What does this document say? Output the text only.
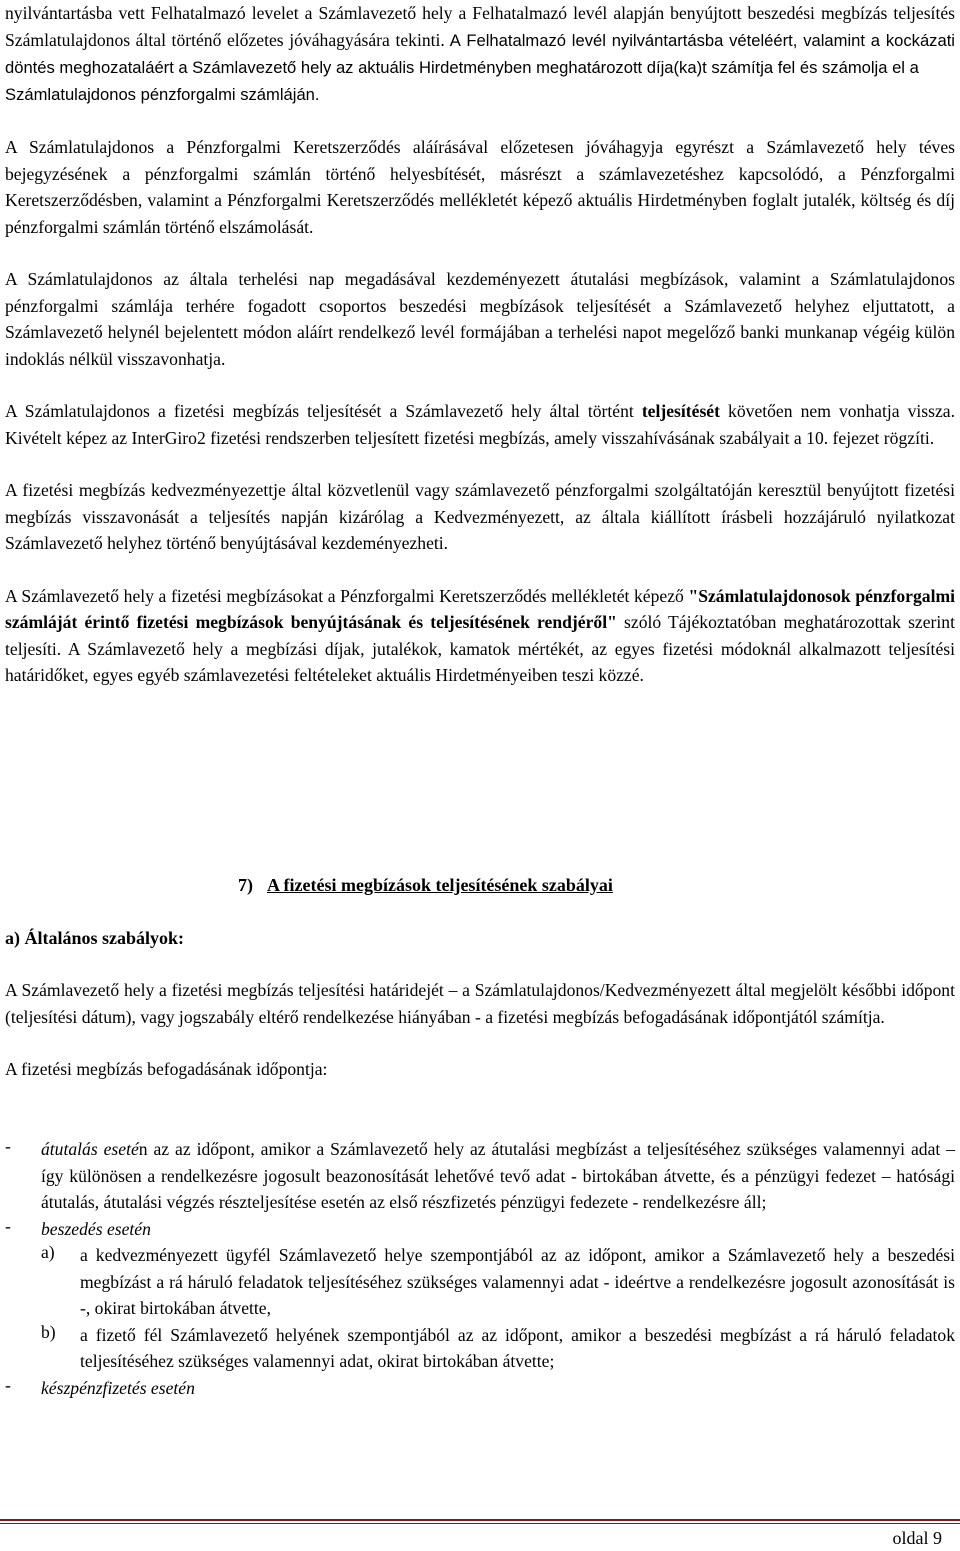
nyilvántartásba vett Felhatalmazó levelet a Számlavezető hely a Felhatalmazó levél alapján benyújtott beszedési megbízás teljesítés Számlatulajdonos által történő előzetes jóváhagyására tekinti. A Felhatalmazó levél nyilvántartásba vételéért, valamint a kockázati döntés meghozataláért a Számlavezető hely az aktuális Hirdetményben meghatározott díja(ka)t számítja fel és számolja el a
Számlatulajdonos pénzforgalmi számláján.

A Számlatulajdonos a Pénzforgalmi Keretszerződés aláírásával előzetesen jóváhagyja egyrészt a Számlavezető hely téves bejegyzésének a pénzforgalmi számlán történő helyesbítését, másrészt a számlavezetéshez kapcsolódó, a Pénzforgalmi Keretszerződésben, valamint a Pénzforgalmi Keretszerződés mellékletét képező aktuális Hirdetményben foglalt jutalék, költség és díj pénzforgalmi számlán történő elszámolását.

A Számlatulajdonos az általa terhelési nap megadásával kezdeményezett átutalási megbízások, valamint a Számlatulajdonos pénzforgalmi számlája terhére fogadott csoportos beszedési megbízások teljesítését a Számlavezető helyhez eljuttatott, a Számlavezető helynél bejelentett módon aláírt rendelkező levél formájában a terhelési napot megelőző banki munkanap végéig külön indoklás nélkül visszavonhatja.

A Számlatulajdonos a fizetési megbízás teljesítését a Számlavezető hely által történt teljesítését követően nem vonhatja vissza. Kivételt képez az InterGiro2 fizetési rendszerben teljesített fizetési megbízás, amely visszahívásának szabályait a 10. fejezet rögzíti.

A fizetési megbízás kedvezményezettje által közvetlenül vagy számlavezető pénzforgalmi szolgáltatóján keresztül benyújtott fizetési megbízás visszavonását a teljesítés napján kizárólag a Kedvezményezett, az általa kiállított írásbeli hozzájáruló nyilatkozat Számlavezető helyhez történő benyújtásával kezdeményezheti.

A Számlavezető hely a fizetési megbízásokat a Pénzforgalmi Keretszerződés mellékletét képező "Számlatulajdonosok pénzforgalmi számláját érintő fizetési megbízások benyújtásának és teljesítésének rendjéről" szóló Tájékoztatóban meghatározottak szerint teljesíti. A Számlavezető hely a megbízási díjak, jutalékok, kamatok mértékét, az egyes fizetési módoknál alkalmazott teljesítési határidőket, egyes egyéb számlavezetési feltételeket aktuális Hirdetményeiben teszi közzé.

7) A fizetési megbízások teljesítésének szabályai
a) Általános szabályok:

A Számlavezető hely a fizetési megbízás teljesítési határidejét – a Számlatulajdonos/Kedvezményezett által megjelölt későbbi időpont (teljesítési dátum), vagy jogszabály eltérő rendelkezése hiányában - a fizetési megbízás befogadásának időpontjától számítja.

A fizetési megbízás befogadásának időpontja:

- átutalás esetén az az időpont, amikor a Számlavezető hely az átutalási megbízást a teljesítéséhez szükséges valamennyi adat – így különösen a rendelkezésre jogosult beazonosítását lehetővé tevő adat - birtokában átvette, és a pénzügyi fedezet – hatósági átutalás, átutalási végzés részteljesítése esetén az első részfizetés pénzügyi fedezete - rendelkezésre áll;

- beszedés esetén

a) a kedvezményezett ügyfél Számlavezető helye szempontjából az az időpont, amikor a Számlavezető hely a beszedési megbízást a rá háruló feladatok teljesítéséhez szükséges valamennyi adat - ideértve a rendelkezésre jogosult azonosítását is -, okirat birtokában átvette,

b) a fizető fél Számlavezető helyének szempontjából az az időpont, amikor a beszedési megbízást a rá háruló feladatok teljesítéséhez szükséges valamennyi adat, okirat birtokában átvette;

- készpénzfizetés esetén

oldal 9
